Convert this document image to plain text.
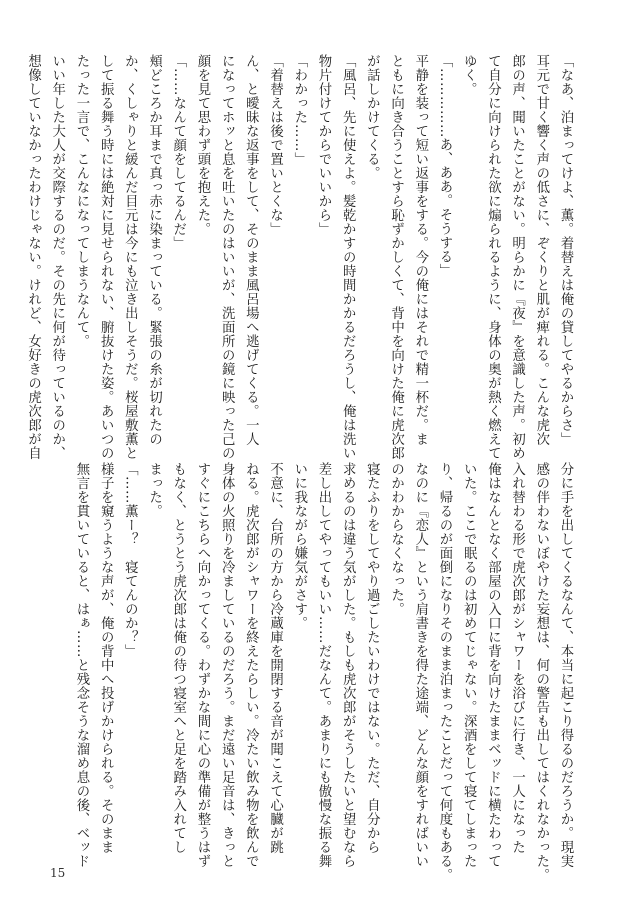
「なあ、泊まってけよ、薫。着替えは俺の貸してやるからさ」
耳元で甘く響く声の低さに、ぞくりと肌が痺れる。こんな虎次
郎の声、聞いたことがない。明らかに『夜』を意識した声。初め
て自分に向けられた欲に煽られるように、身体の奥が熱く燃えて
ゆく。
「……………あ、ああ。そうする」
平静を装って短い返事をする。今の俺にはそれで精一杯だ。ま
ともに向き合うことすら恥ずかしくて、背中を向けた俺に虎次郎
が話しかけてくる。
「風呂、先に使えよ。髪乾かすの時間かかるだろうし、俺は洗い
物片付けてからでいいから」
「わかった……」
「着替えは後で置いとくな」
ん、と曖昧な返事をして、そのまま風呂場へ逃げてくる。一人
になってホッと息を吐いたのはいいが、洗面所の鏡に映った己の
顔を見て思わず頭を抱えた。
「……なんて顔をしてるんだ」
頬どころか耳まで真っ赤に染まっている。緊張の糸が切れたの
か、くしゃりと緩んだ目元は今にも泣き出しそうだ。桜屋敷薫と
して振る舞う時には絶対に見せられない、腑抜けた姿。あいつの
たった一言で、こんなになってしまうなんて。
いい年した大人が交際するのだ。その先に何が待っているのか、
想像していなかったわけじゃない。けれど、女好きの虎次郎が自
分に手を出してくるなんて、本当に起こり得るのだろうか。現実
感の伴わないぼやけた妄想は、何の警告も出してはくれなかった。
入れ替わる形で虎次郎がシャワーを浴びに行き、一人になった
俺はなんとなく部屋の入口に背を向けたままベッドに横たわって
いた。ここで眠るのは初めてじゃない。深酒をして寝てしまった
り、帰るのが面倒になりそのまま泊まったことだって何度もある。
なのに『恋人』という肩書きを得た途端、どんな顔をすればいい
のかわからなくなった。
寝たふりをしてやり過ごしたいわけではない。ただ、自分から
求めるのは違う気がした。もしも虎次郎がそうしたいと望むなら
差し出してやってもいい……だなんて。あまりにも傲慢な振る舞
いに我ながら嫌気がさす。
不意に、台所の方から冷蔵庫を開閉する音が聞こえて心臓が跳
ねる。虎次郎がシャワーを終えたらしい。冷たい飲み物を飲んで
身体の火照りを冷ましているのだろう。まだ遠い足音は、きっと
すぐにこちらへ向かってくる。わずかな間に心の準備が整うはず
もなく、とうとう虎次郎は俺の待つ寝室へと足を踏み入れてし
まった。
「……薫ー？　寝てんのか？」
様子を窺うような声が、俺の背中へ投げかけられる。そのまま
無言を貫いていると、はぁ……と残念そうな溜め息の後、ベッド
15
